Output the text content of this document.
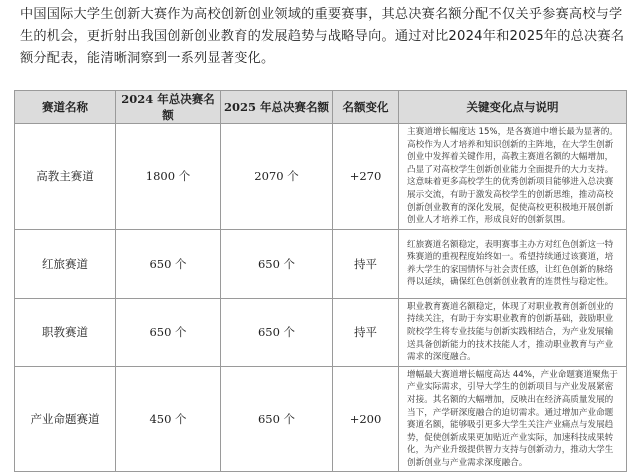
中国国际大学生创新大赛作为高校创新创业领域的重要赛事，其总决赛名额分配不仅关乎参赛高校与学生的机会，更折射出我国创新创业教育的发展趋势与战略导向。通过对比2024年和2025年的总决赛名额分配表，能清晰洞察到一系列显著变化。
赛道名称	2024 年总决赛名额	2025 年总决赛名额	名额变化	关键变化点与说明
高教主赛道	1800 个	2070 个	+270	主赛道增长幅度达 15%，是各赛道中增长最为显著的。高校作为人才培养和知识创新的主阵地，在大学生创新创业中发挥着关键作用，高教主赛道名额的大幅增加，凸显了对高校学生创新创业能力全面提升的大力支持。这意味着更多高校学生的优秀创新项目能够进入总决赛展示交流，有助于激发高校学生的创新思维，推动高校创新创业教育的深化发展，促使高校更积极地开展创新创业人才培养工作，形成良好的创新氛围。
红旅赛道	650 个	650 个	持平	红旅赛道名额稳定，表明赛事主办方对红色创新这一特殊赛道的重视程度始终如一。希望持续通过该赛道，培养大学生的家国情怀与社会责任感，让红色创新的脉络得以延续，确保红色创新创业教育的连贯性与稳定性。
职教赛道	650 个	650 个	持平	职业教育赛道名额稳定，体现了对职业教育创新创业的持续关注，有助于夯实职业教育的创新基础，鼓励职业院校学生将专业技能与创新实践相结合，为产业发展输送具备创新能力的技术技能人才，推动职业教育与产业需求的深度融合。
产业命题赛道	450 个	650 个	+200	增幅最大赛道增长幅度高达 44%，产业命题赛道聚焦于产业实际需求，引导大学生的创新项目与产业发展紧密对接。其名额的大幅增加，反映出在经济高质量发展的当下，产学研深度融合的迫切需求。通过增加产业命题赛道名额，能够吸引更多大学生关注产业痛点与发展趋势，促使创新成果更加贴近产业实际，加速科技成果转化，为产业升级提供智力支持与创新动力，推动大学生创新创业与产业需求深度融合。
